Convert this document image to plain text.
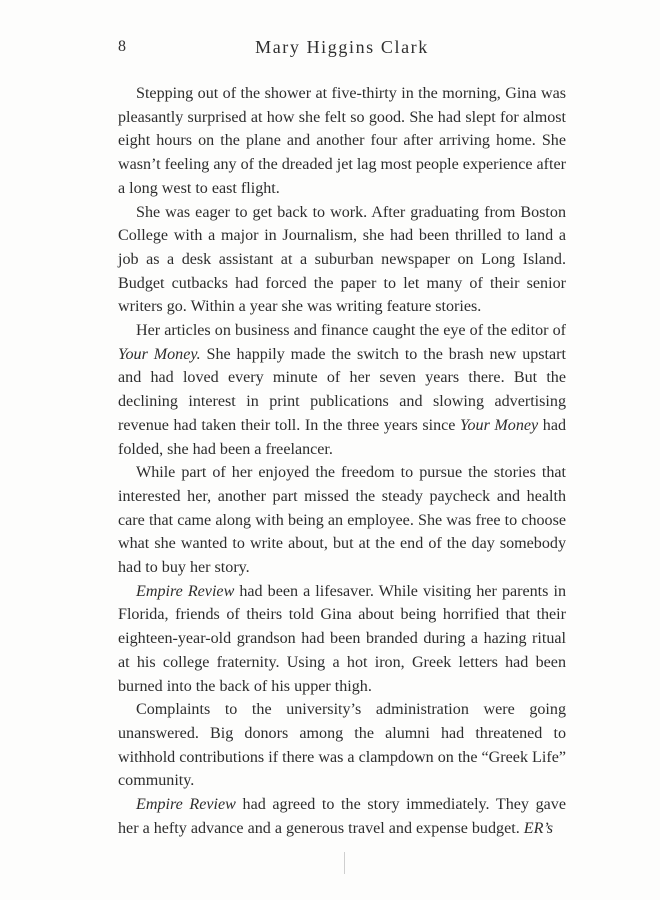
8	Mary Higgins Clark

Stepping out of the shower at five-thirty in the morning, Gina was pleasantly surprised at how she felt so good. She had slept for almost eight hours on the plane and another four after arriving home. She wasn’t feeling any of the dreaded jet lag most people experience after a long west to east flight.

She was eager to get back to work. After graduating from Boston College with a major in Journalism, she had been thrilled to land a job as a desk assistant at a suburban newspaper on Long Island. Budget cutbacks had forced the paper to let many of their senior writers go. Within a year she was writing feature stories.

Her articles on business and finance caught the eye of the editor of Your Money. She happily made the switch to the brash new upstart and had loved every minute of her seven years there. But the declining interest in print publications and slowing advertising revenue had taken their toll. In the three years since Your Money had folded, she had been a freelancer.

While part of her enjoyed the freedom to pursue the stories that interested her, another part missed the steady paycheck and health care that came along with being an employee. She was free to choose what she wanted to write about, but at the end of the day somebody had to buy her story.

Empire Review had been a lifesaver. While visiting her parents in Florida, friends of theirs told Gina about being horrified that their eighteen-year-old grandson had been branded during a hazing ritual at his college fraternity. Using a hot iron, Greek letters had been burned into the back of his upper thigh.

Complaints to the university’s administration were going unanswered. Big donors among the alumni had threatened to withhold contributions if there was a clampdown on the “Greek Life” community.

Empire Review had agreed to the story immediately. They gave her a hefty advance and a generous travel and expense budget. ER’s
